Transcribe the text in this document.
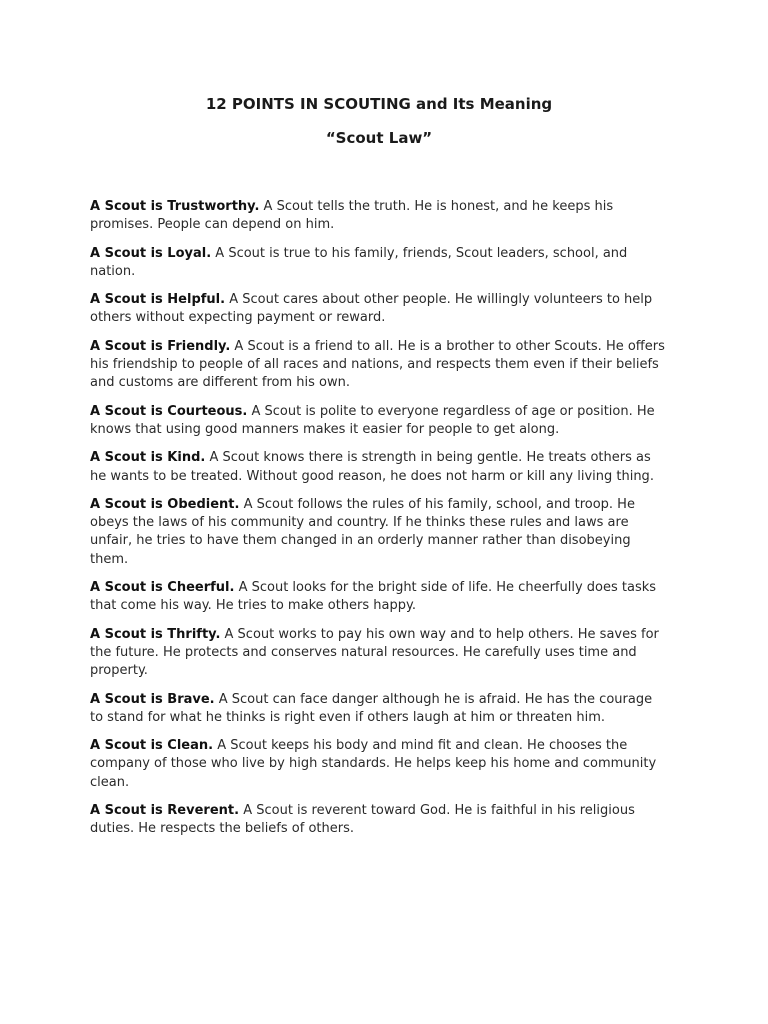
12 POINTS IN SCOUTING and Its Meaning
“Scout Law”

A Scout is Trustworthy. A Scout tells the truth. He is honest, and he keeps his promises. People can depend on him.

A Scout is Loyal. A Scout is true to his family, friends, Scout leaders, school, and nation.

A Scout is Helpful. A Scout cares about other people. He willingly volunteers to help others without expecting payment or reward.

A Scout is Friendly. A Scout is a friend to all. He is a brother to other Scouts. He offers his friendship to people of all races and nations, and respects them even if their beliefs and customs are different from his own.

A Scout is Courteous. A Scout is polite to everyone regardless of age or position. He knows that using good manners makes it easier for people to get along.

A Scout is Kind. A Scout knows there is strength in being gentle. He treats others as he wants to be treated. Without good reason, he does not harm or kill any living thing.

A Scout is Obedient. A Scout follows the rules of his family, school, and troop. He obeys the laws of his community and country. If he thinks these rules and laws are unfair, he tries to have them changed in an orderly manner rather than disobeying them.

A Scout is Cheerful. A Scout looks for the bright side of life. He cheerfully does tasks that come his way. He tries to make others happy.

A Scout is Thrifty. A Scout works to pay his own way and to help others. He saves for the future. He protects and conserves natural resources. He carefully uses time and property.

A Scout is Brave. A Scout can face danger although he is afraid. He has the courage to stand for what he thinks is right even if others laugh at him or threaten him.

A Scout is Clean. A Scout keeps his body and mind fit and clean. He chooses the company of those who live by high standards. He helps keep his home and community clean.

A Scout is Reverent. A Scout is reverent toward God. He is faithful in his religious duties. He respects the beliefs of others.
